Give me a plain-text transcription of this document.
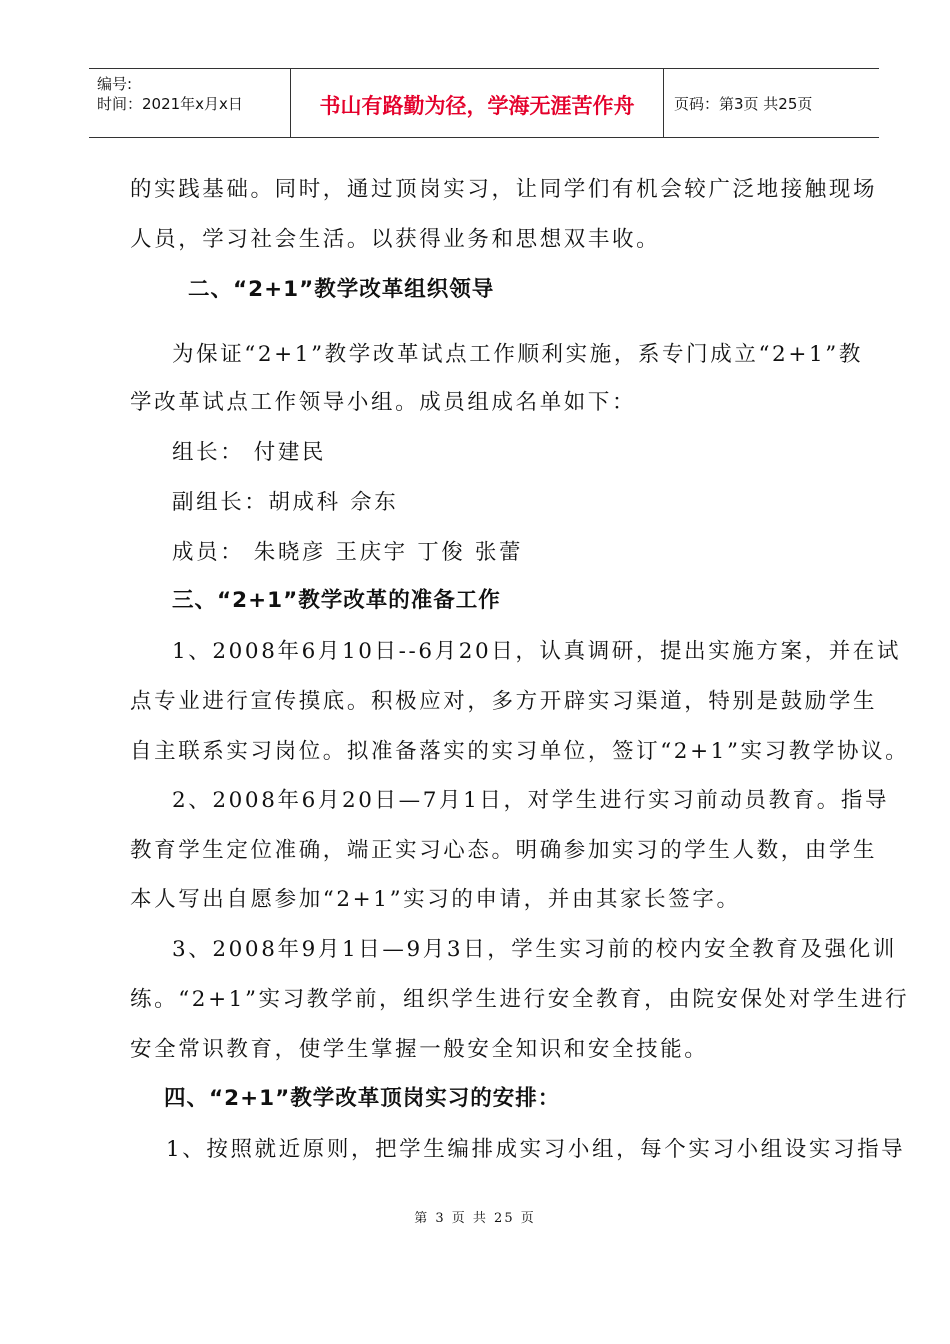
编号:
时间：2021年x月x日	书山有路勤为径，学海无涯苦作舟	页码：第3页 共25页
的实践基础。同时，通过顶岗实习，让同学们有机会较广泛地接触现场
人员，学习社会生活。以获得业务和思想双丰收。
二、“2+1”教学改革组织领导
为保证“2+1”教学改革试点工作顺利实施，系专门成立“2+1”教
学改革试点工作领导小组。成员组成名单如下：
组长： 付建民
副组长：胡成科 佘东
成员： 朱晓彦 王庆宇 丁俊 张蕾
三、“2+1”教学改革的准备工作
1、2008年6月10日--6月20日，认真调研，提出实施方案，并在试
点专业进行宣传摸底。积极应对，多方开辟实习渠道，特别是鼓励学生
自主联系实习岗位。拟准备落实的实习单位，签订“2+1”实习教学协议。
2、2008年6月20日—7月1日，对学生进行实习前动员教育。指导
教育学生定位准确，端正实习心态。明确参加实习的学生人数，由学生
本人写出自愿参加“2+1”实习的申请，并由其家长签字。
3、2008年9月1日—9月3日，学生实习前的校内安全教育及强化训
练。“2+1”实习教学前，组织学生进行安全教育，由院安保处对学生进行
安全常识教育，使学生掌握一般安全知识和安全技能。
四、“2+1”教学改革顶岗实习的安排：
1、按照就近原则，把学生编排成实习小组，每个实习小组设实习指导
第 3 页 共 25 页
